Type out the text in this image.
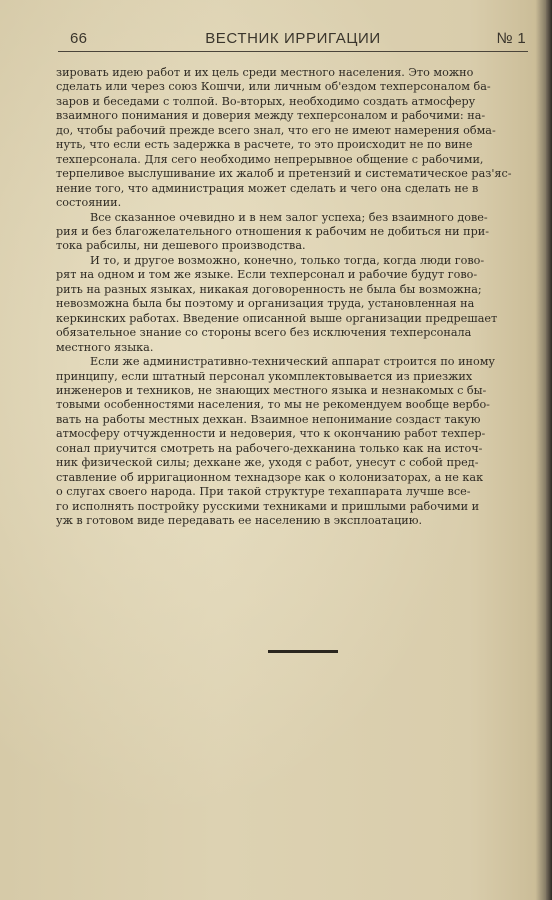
66	ВЕСТНИК ИРРИГАЦИИ	№ 1
зировать идею работ и их цель среди местного населения. Это можно
сделать или через союз Кошчи, или личным об'ездом техперсоналом ба-
заров и беседами с толпой. Во-вторых, необходимо создать атмосферу
взаимного понимания и доверия между техперсоналом и рабочими: на-
до, чтобы рабочий прежде всего знал, что его не имеют намерения обма-
нуть, что если есть задержка в расчете, то это происходит не по вине
техперсонала. Для сего необходимо непрерывное общение с рабочими,
терпеливое выслушивание их жалоб и претензий и систематическое раз'яс-
нение того, что администрация может сделать и чего она сделать не в
состоянии.
Все сказанное очевидно и в нем залог успеха; без взаимного дове-
рия и без благожелательного отношения к рабочим не добиться ни при-
тока рабсилы, ни дешевого производства.
И то, и другое возможно, конечно, только тогда, когда люди гово-
рят на одном и том же языке. Если техперсонал и рабочие будут гово-
рить на разных языках, никакая договоренность не была бы возможна;
невозможна была бы поэтому и организация труда, установленная на
керкинских работах. Введение описанной выше организации предрешает
обязательное знание со стороны всего без исключения техперсонала
местного языка.
Если же административно-технический аппарат строится по иному
принципу, если штатный персонал укомплектовывается из приезжих
инженеров и техников, не знающих местного языка и незнакомых с бы-
товыми особенностями населения, то мы не рекомендуем вообще вербо-
вать на работы местных дехкан. Взаимное непонимание создаст такую
атмосферу отчужденности и недоверия, что к окончанию работ техпер-
сонал приучится смотреть на рабочего-дехканина только как на источ-
ник физической силы; дехкане же, уходя с работ, унесут с собой пред-
ставление об ирригационном технадзоре как о колонизаторах, а не как
о слугах своего народа. При такой структуре техаппарата лучше все-
го исполнять постройку русскими техниками и пришлыми рабочими и
уж в готовом виде передавать ее населению в эксплоатацию.
